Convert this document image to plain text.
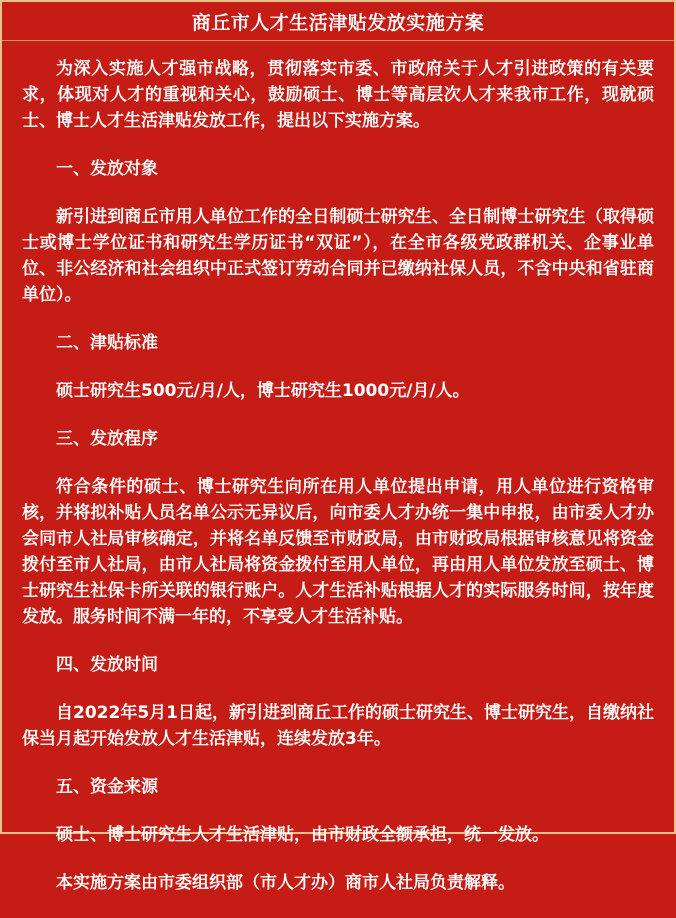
商丘市人才生活津贴发放实施方案

为深入实施人才强市战略，贯彻落实市委、市政府关于人才引进政策的有关要求，体现对人才的重视和关心，鼓励硕士、博士等高层次人才来我市工作，现就硕士、博士人才生活津贴发放工作，提出以下实施方案。

一、发放对象

新引进到商丘市用人单位工作的全日制硕士研究生、全日制博士研究生（取得硕士或博士学位证书和研究生学历证书“双证”），在全市各级党政群机关、企事业单位、非公经济和社会组织中正式签订劳动合同并已缴纳社保人员，不含中央和省驻商单位）。

二、津贴标准

硕士研究生500元/月/人，博士研究生1000元/月/人。

三、发放程序

符合条件的硕士、博士研究生向所在用人单位提出申请，用人单位进行资格审核，并将拟补贴人员名单公示无异议后，向市委人才办统一集中申报，由市委人才办会同市人社局审核确定，并将名单反馈至市财政局，由市财政局根据审核意见将资金拨付至市人社局，由市人社局将资金拨付至用人单位，再由用人单位发放至硕士、博士研究生社保卡所关联的银行账户。人才生活补贴根据人才的实际服务时间，按年度发放。服务时间不满一年的，不享受人才生活补贴。

四、发放时间

自2022年5月1日起，新引进到商丘工作的硕士研究生、博士研究生，自缴纳社保当月起开始发放人才生活津贴，连续发放3年。

五、资金来源

硕士、博士研究生人才生活津贴，由市财政全额承担，统一发放。

本实施方案由市委组织部（市人才办）商市人社局负责解释。
